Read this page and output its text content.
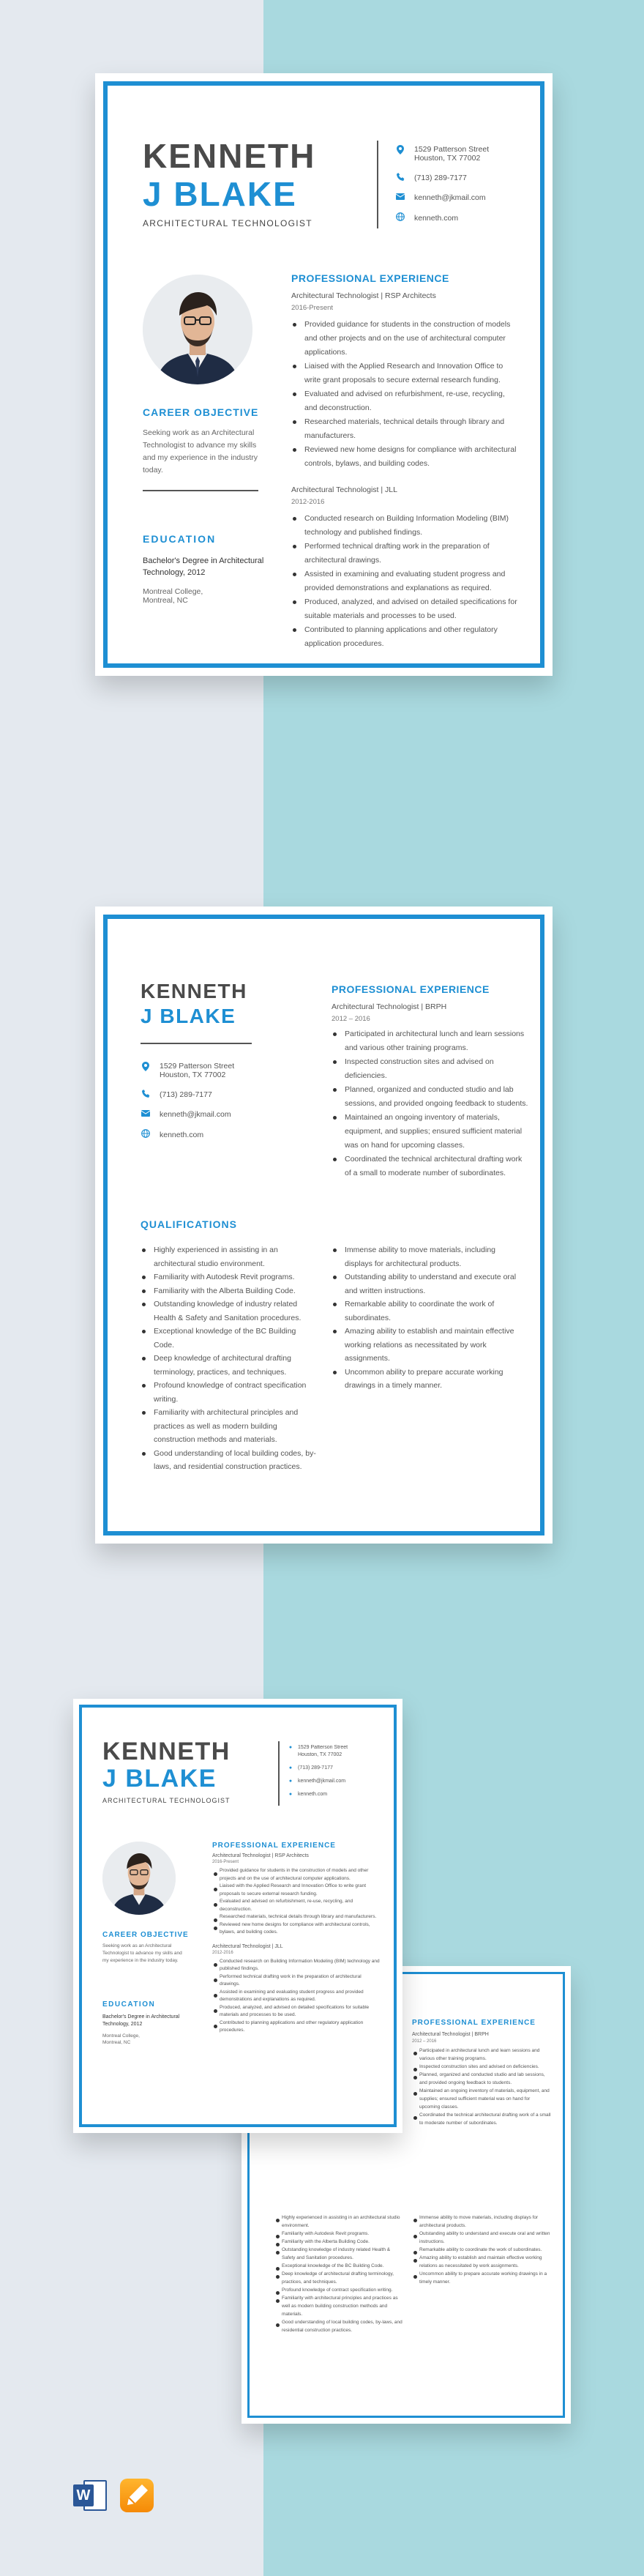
KENNETH
J BLAKE
ARCHITECTURAL TECHNOLOGIST
1529 Patterson Street
Houston, TX 77002
(713) 289-7177
kenneth@jkmail.com
kenneth.com
CAREER OBJECTIVE
Seeking work as an Architectural Technologist to advance my skills and my experience in the industry today.
EDUCATION
Bachelor's Degree in Architectural Technology, 2012
Montreal College,
Montreal, NC
PROFESSIONAL EXPERIENCE
Architectural Technologist | RSP Architects
2016-Present
Provided guidance for students in the construction of models and other projects and on the use of architectural computer applications.
Liaised with the Applied Research and Innovation Office to write grant proposals to secure external research funding.
Evaluated and advised on refurbishment, re-use, recycling, and deconstruction.
Researched materials, technical details through library and manufacturers.
Reviewed new home designs for compliance with architectural controls, bylaws, and building codes.
Architectural Technologist | JLL
2012-2016
Conducted research on Building Information Modeling (BIM) technology and published findings.
Performed technical drafting work in the preparation of architectural drawings.
Assisted in examining and evaluating student progress and provided demonstrations and explanations as required.
Produced, analyzed, and advised on detailed specifications for suitable materials and processes to be used.
Contributed to planning applications and other regulatory application procedures.
KENNETH
J BLAKE
1529 Patterson Street
Houston, TX 77002
(713) 289-7177
kenneth@jkmail.com
kenneth.com
PROFESSIONAL EXPERIENCE
Architectural Technologist | BRPH
2012 – 2016
Participated in architectural lunch and learn sessions and various other training programs.
Inspected construction sites and advised on deficiencies.
Planned, organized and conducted studio and lab sessions, and provided ongoing feedback to students.
Maintained an ongoing inventory of materials, equipment, and supplies; ensured sufficient material was on hand for upcoming classes.
Coordinated the technical architectural drafting work of a small to moderate number of subordinates.
QUALIFICATIONS
Highly experienced in assisting in an architectural studio environment.
Familiarity with Autodesk Revit programs.
Familiarity with the Alberta Building Code.
Outstanding knowledge of industry related Health & Safety and Sanitation procedures.
Exceptional knowledge of the BC Building Code.
Deep knowledge of architectural drafting terminology, practices, and techniques.
Profound knowledge of contract specification writing.
Familiarity with architectural principles and practices as well as modern building construction methods and materials.
Good understanding of local building codes, by-laws, and residential construction practices.
Immense ability to move materials, including displays for architectural products.
Outstanding ability to understand and execute oral and written instructions.
Remarkable ability to coordinate the work of subordinates.
Amazing ability to establish and maintain effective working relations as necessitated by work assignments.
Uncommon ability to prepare accurate working drawings in a timely manner.
PROFESSIONAL EXPERIENCE
Architectural Technologist | BRPH
2012 – 2016
Participated in architectural lunch and learn sessions and various other training programs.
Inspected construction sites and advised on deficiencies.
Planned, organized and conducted studio and lab sessions, and provided ongoing feedback to students.
Maintained an ongoing inventory of materials, equipment, and supplies; ensured sufficient material was on hand for upcoming classes.
Coordinated the technical architectural drafting work of a small to moderate number of subordinates.
Highly experienced in assisting in an architectural studio environment.
Familiarity with Autodesk Revit programs.
Familiarity with the Alberta Building Code.
Outstanding knowledge of industry related Health & Safety and Sanitation procedures.
Exceptional knowledge of the BC Building Code.
Deep knowledge of architectural drafting terminology, practices, and techniques.
Profound knowledge of contract specification writing.
Familiarity with architectural principles and practices as well as modern building construction methods and materials.
Good understanding of local building codes, by-laws, and residential construction practices.
Immense ability to move materials, including displays for architectural products.
Outstanding ability to understand and execute oral and written instructions.
Remarkable ability to coordinate the work of subordinates.
Amazing ability to establish and maintain effective working relations as necessitated by work assignments.
Uncommon ability to prepare accurate working drawings in a timely manner.
KENNETH
J BLAKE
ARCHITECTURAL TECHNOLOGIST
● 1529 Patterson Street
Houston, TX 77002
● (713) 289-7177
● kenneth@jkmail.com
● kenneth.com
CAREER OBJECTIVE
Seeking work as an Architectural Technologist to advance my skills and my experience in the industry today.
EDUCATION
Bachelor's Degree in Architectural Technology, 2012
Montreal College,
Montreal, NC
PROFESSIONAL EXPERIENCE
Architectural Technologist | RSP Architects
2016-Present
Provided guidance for students in the construction of models and other projects and on the use of architectural computer applications.
Liaised with the Applied Research and Innovation Office to write grant proposals to secure external research funding.
Evaluated and advised on refurbishment, re-use, recycling, and deconstruction.
Researched materials, technical details through library and manufacturers.
Reviewed new home designs for compliance with architectural controls, bylaws, and building codes.
Architectural Technologist | JLL
2012-2016
Conducted research on Building Information Modeling (BIM) technology and published findings.
Performed technical drafting work in the preparation of architectural drawings.
Assisted in examining and evaluating student progress and provided demonstrations and explanations as required.
Produced, analyzed, and advised on detailed specifications for suitable materials and processes to be used.
Contributed to planning applications and other regulatory application procedures.
W
